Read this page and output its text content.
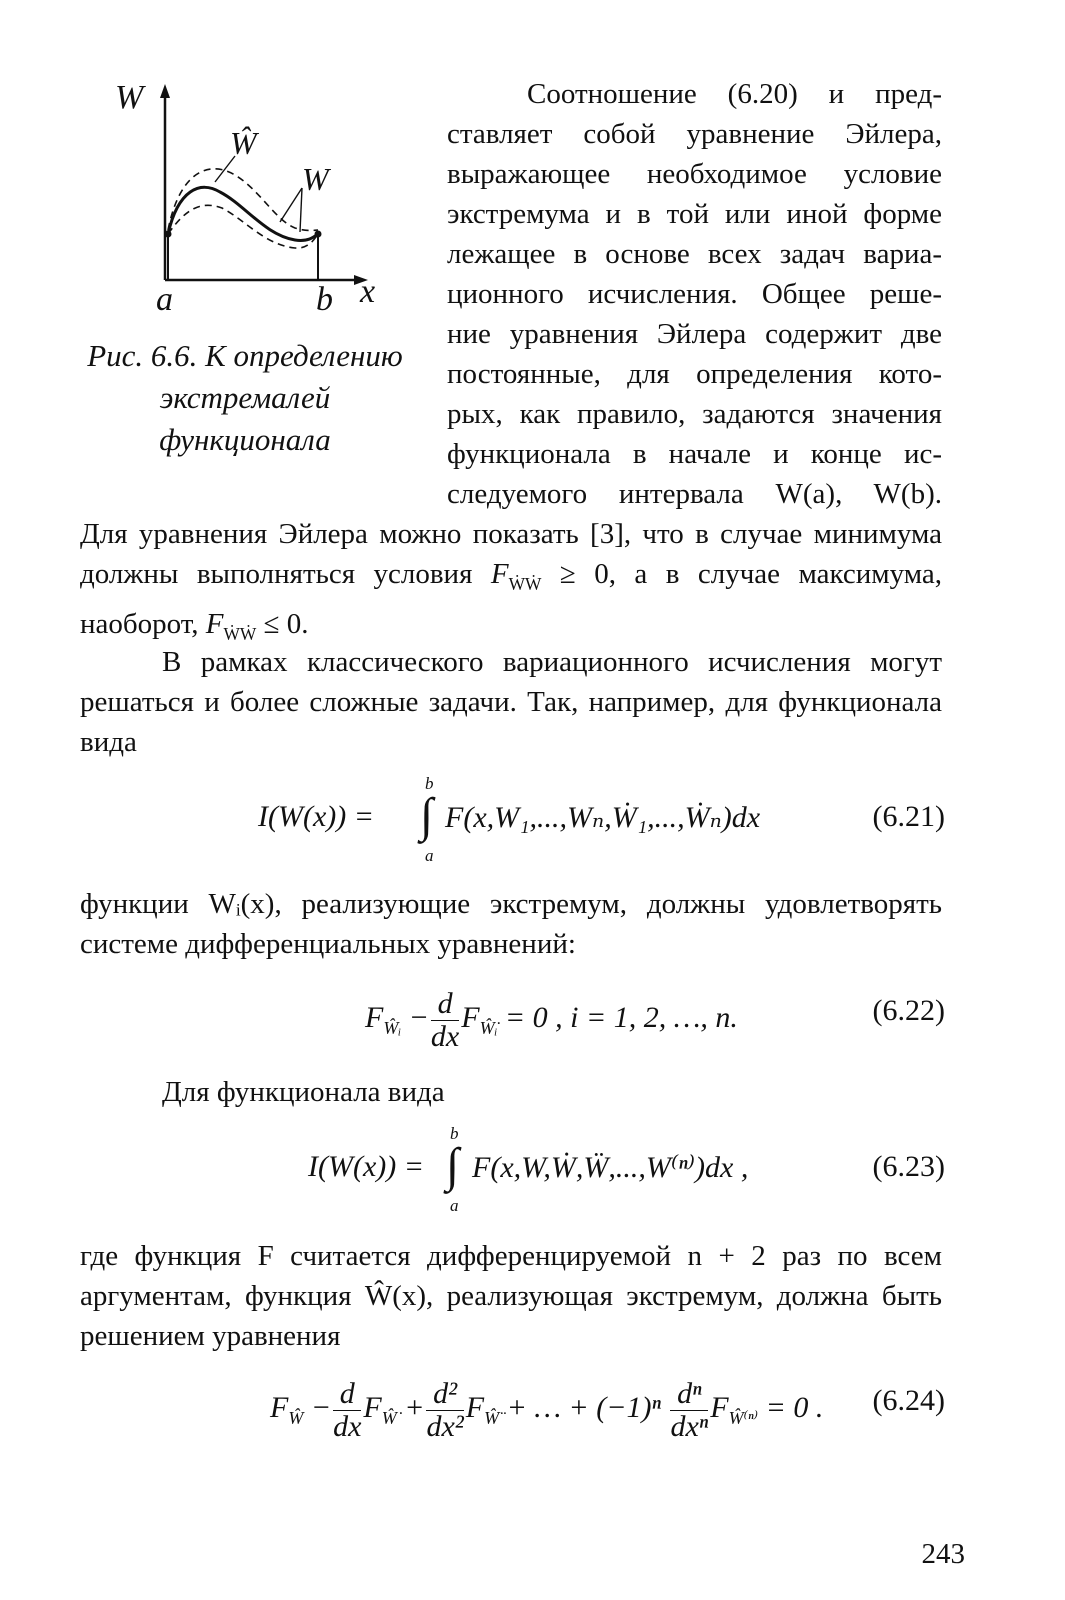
W
x
a	b
Ŵ
W
Рис. 6.6. К определению
экстремалей
функционала
Соотношение (6.20) и пред-
ставляет собой уравнение Эйлера,
выражающее необходимое условие
экстремума и в той или иной форме
лежащее в основе всех задач вариа-
ционного исчисления. Общее реше-
ние уравнения Эйлера содержит две
постоянные, для определения кото-
рых, как правило, задаются значения
функционала в начале и конце ис-
следуемого интервала W(a), W(b).
Для уравнения Эйлера можно показать [3], что в случае минимума должны выполняться условия $F_{ẆẆ} \ge 0$, а в случае максимума, наоборот, $F_{ẆẆ} \le 0$.
В рамках классического вариационного исчисления могут решаться и более сложные задачи. Так, например, для функционала вида
b
I(W(x)) = ∫ F(x,W₁,...,Wₙ,Ẇ₁,...,Ẇₙ)dx
a
(6.21)
функции Wᵢ(x), реализующие экстремум, должны удовлетворять системе дифференциальных уравнений:
$F_{Ŵᵢ} - \frac{d}{dx} F_{Ŵ̇ᵢ} = 0$ , i = 1, 2, …, n.	(6.22)
Для функционала вида
b
I(W(x)) = ∫ F(x,W,Ẇ,Ẅ,...,W⁽ⁿ⁾)dx ,
a
(6.23)
где функция F считается дифференцируемой n + 2 раз по всем аргументам, функция Ŵ(x), реализующая экстремум, должна быть решением уравнения
$F_Ŵ - \frac{d}{dx} F_{Ŵ̇} + \frac{\text{d²}}{\text{dx²}} F_{Ŵ̈}$ + … + $(-1)^n \frac{\text{dⁿ}}{\text{dxⁿ}} F_{Ŵ^{(n)}} = 0$ . (6.24)
243
